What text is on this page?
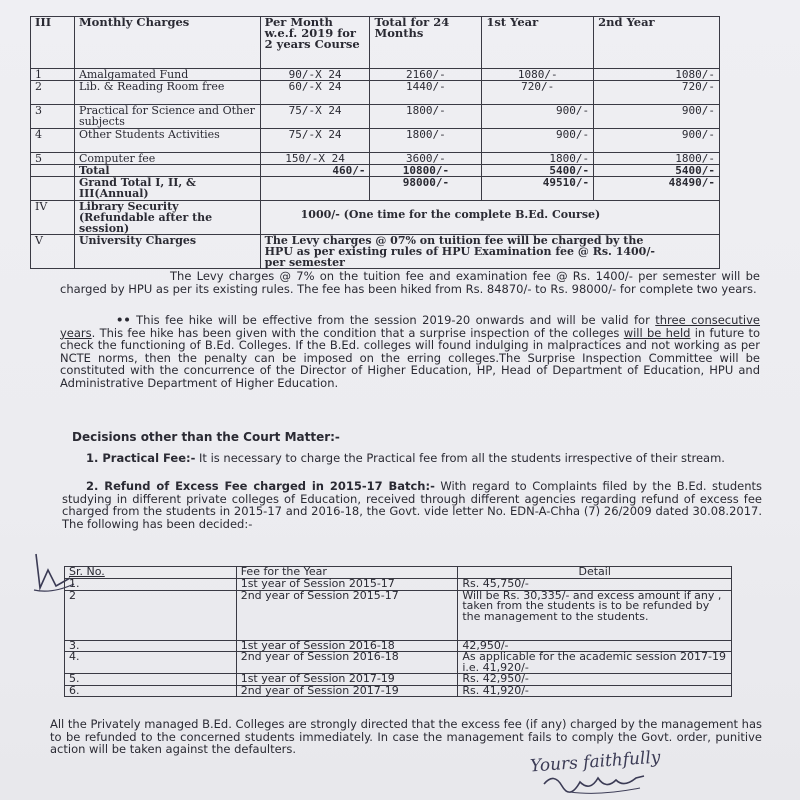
III	Monthly Charges	Per Month w.e.f. 2019 for 2 years Course	Total for 24 Months	1st Year	2nd Year
1	Amalgamated Fund	90/-X 24	2160/-	1080/-	1080/-
2	Lib. & Reading Room free	60/-X 24	1440/-	720/-	720/-
3	Practical for Science and Other subjects	75/-X 24	1800/-	900/-	900/-
4	Other Students Activities	75/-X 24	1800/-	900/-	900/-
5	Computer fee	150/-X 24	3600/-	1800/-	1800/-
	Total	460/-	10800/-	5400/-	5400/-
	Grand Total I, II, & III(Annual)		98000/-	49510/-	48490/-
IV	Library Security (Refundable after the session)	1000/- (One time for the complete B.Ed. Course)			
V	University Charges	The Levy charges @ 07% on tuition fee will be charged by the HPU as per existing rules of HPU Examination fee @ Rs. 1400/- per semester			

The Levy charges @ 7% on the tuition fee and examination fee @ Rs. 1400/- per semester will be charged by HPU as per its existing rules. The fee has been hiked from Rs. 84870/- to Rs. 98000/- for complete two years.

•• This fee hike will be effective from the session 2019-20 onwards and will be valid for three consecutive years. This fee hike has been given with the condition that a surprise inspection of the colleges will be held in future to check the functioning of B.Ed. Colleges. If the B.Ed. colleges will found indulging in malpractices and not working as per NCTE norms, then the penalty can be imposed on the erring colleges.The Surprise Inspection Committee will be constituted with the concurrence of the Director of Higher Education, HP, Head of Department of Education, HPU and Administrative Department of Higher Education.

Decisions other than the Court Matter:-

1. Practical Fee:- It is necessary to charge the Practical fee from all the students irrespective of their stream.

2. Refund of Excess Fee charged in 2015-17 Batch:- With regard to Complaints filed by the B.Ed. students studying in different private colleges of Education, received through different agencies regarding refund of excess fee charged from the students in 2015-17 and 2016-18, the Govt. vide letter No. EDN-A-Chha (7) 26/2009 dated 30.08.2017. The following has been decided:-

Sr. No.	Fee for the Year	Detail
1.	1st year of Session 2015-17	Rs. 45,750/-
2	2nd year of Session 2015-17	Will be Rs. 30,335/- and excess amount if any , taken from the students is to be refunded by the management to the students.
3.	1st year of Session 2016-18	42,950/-
4.	2nd year of Session 2016-18	As applicable for the academic session 2017-19 i.e. 41,920/-
5.	1st year of Session 2017-19	Rs. 42,950/-
6.	2nd year of Session 2017-19	Rs. 41,920/-

All the Privately managed B.Ed. Colleges are strongly directed that the excess fee (if any) charged by the management has to be refunded to the concerned students immediately. In case the management fails to comply the Govt. order, punitive action will be taken against the defaulters.	Yours faithfully
